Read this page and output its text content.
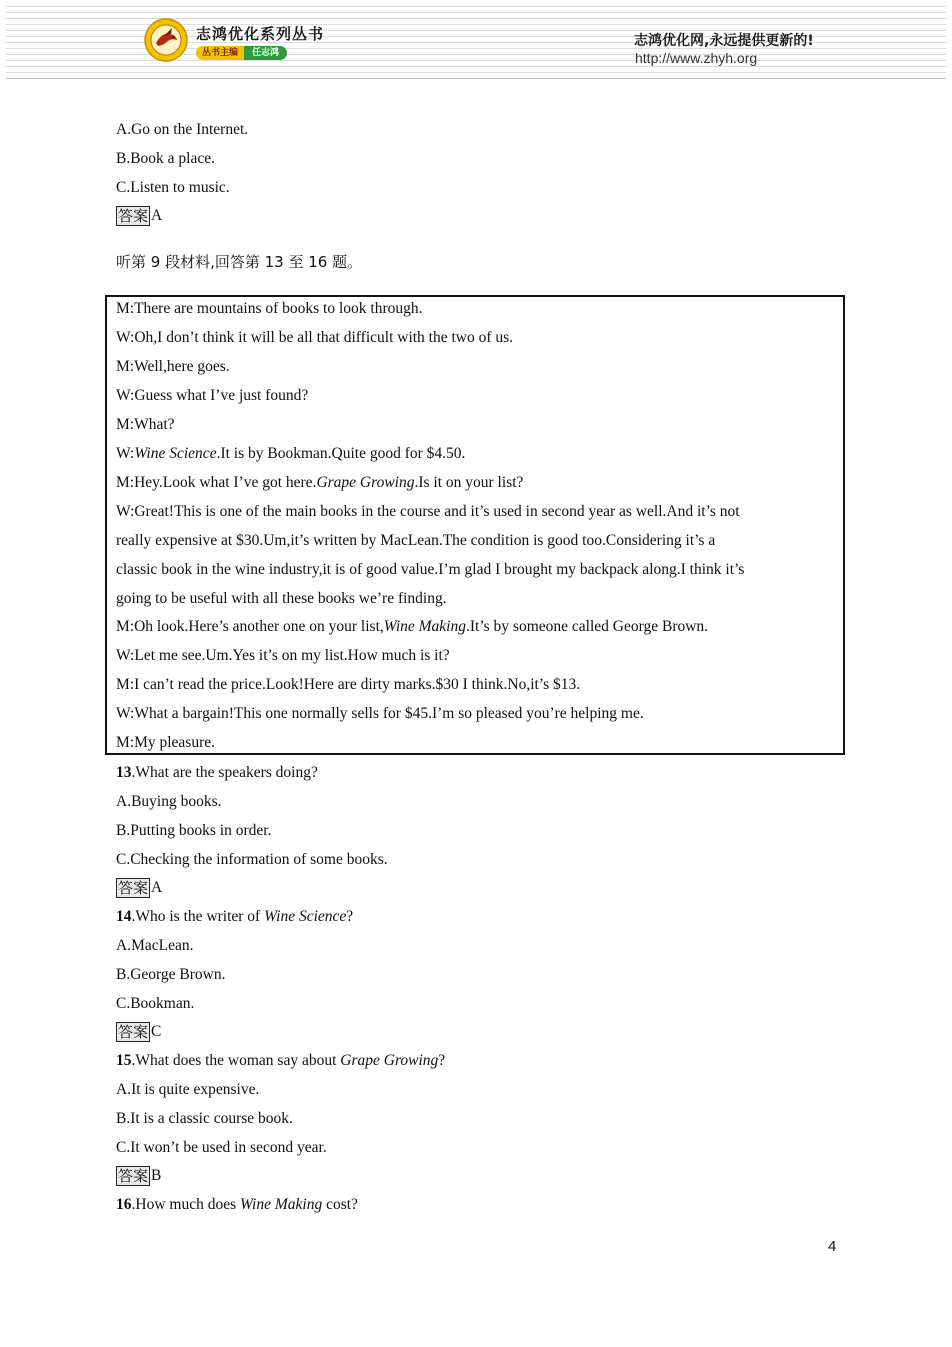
志鸿优化系列丛书
丛书主编	任志鸿
志鸿优化网,永远提供更新的!
http://www.zhyh.org
A.Go on the Internet.
B.Book a place.
C.Listen to music.
答案 A
听第 9 段材料,回答第 13 至 16 题。
M:There are mountains of books to look through.
W:Oh,I don’t think it will be all that difficult with the two of us.
M:Well,here goes.
W:Guess what I’ve just found?
M:What?
W:Wine Science.It is by Bookman.Quite good for $4.50.
M:Hey.Look what I’ve got here.Grape Growing.Is it on your list?
W:Great!This is one of the main books in the course and it’s used in second year as well.And it’s not
really expensive at $30.Um,it’s written by MacLean.The condition is good too.Considering it’s a
classic book in the wine industry,it is of good value.I’m glad I brought my backpack along.I think it’s
going to be useful with all these books we’re finding.
M:Oh look.Here’s another one on your list,Wine Making.It’s by someone called George Brown.
W:Let me see.Um.Yes it’s on my list.How much is it?
M:I can’t read the price.Look!Here are dirty marks.$30 I think.No,it’s $13.
W:What a bargain!This one normally sells for $45.I’m so pleased you’re helping me.
M:My pleasure.
13.What are the speakers doing?
A.Buying books.
B.Putting books in order.
C.Checking the information of some books.
答案 A
14.Who is the writer of Wine Science?
A.MacLean.
B.George Brown.
C.Bookman.
答案 C
15.What does the woman say about Grape Growing?
A.It is quite expensive.
B.It is a classic course book.
C.It won’t be used in second year.
答案 B
16.How much does Wine Making cost?
4
